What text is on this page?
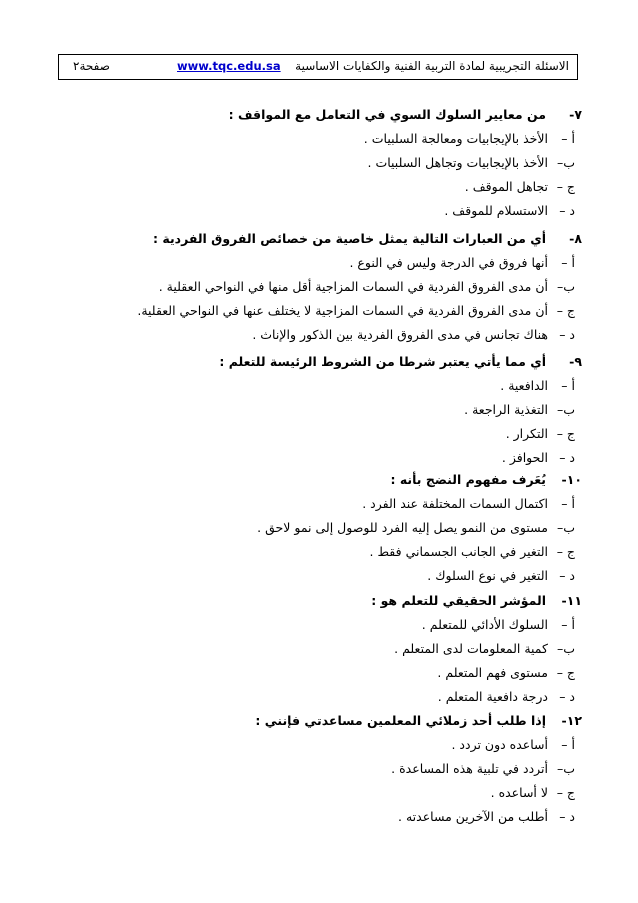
الاسئلة التجريبية لمادة التربية الفنية والكفايات الاساسية
www.tqc.edu.sa
صفحة٢
٧-
من معايير السلوك السوي في التعامل مع المواقف :
أ –
الأخذ بالإيجابيات ومعالجة السلبيات .
ب–
الأخذ بالإيجابيات وتجاهل السلبيات .
ج –
تجاهل الموقف .
د –
الاستسلام للموقف .
٨-
أي من العبارات التالية يمثل خاصية من خصائص الفروق الفردية :
أ –
أنها فروق في الدرجة وليس في النوع .
ب–
أن مدى الفروق الفردية في السمات المزاجية أقل منها في النواحي العقلية .
ج –
أن مدى الفروق الفردية في السمات المزاجية لا يختلف عنها في النواحي العقلية.
د –
هناك تجانس في مدى الفروق الفردية بين الذكور والإناث .
٩-
أي مما يأتي يعتبر شرطا من الشروط الرئيسة للتعلم :
أ –
الدافعية .
ب–
التغذية الراجعة .
ج –
التكرار .
د –
الحوافز .
١٠-
يُعَرف مفهوم النضج بأنه :
أ –
اكتمال السمات المختلفة عند الفرد .
ب–
مستوى من النمو يصل إليه الفرد للوصول إلى نمو لاحق .
ج –
التغير في الجانب الجسماني فقط .
د –
التغير في نوع السلوك .
١١-
المؤشر الحقيقي للتعلم هو :
أ –
السلوك الأدائي للمتعلم .
ب–
كمية المعلومات لدى المتعلم .
ج –
مستوى فهم المتعلم .
د –
درجة دافعية المتعلم .
١٢-
إذا طلب أحد زملائي المعلمين مساعدتي فإنني :
أ –
أساعده دون تردد .
ب–
أتردد في تلبية هذه المساعدة .
ج –
لا أساعده .
د –
أطلب من الآخرين مساعدته .
